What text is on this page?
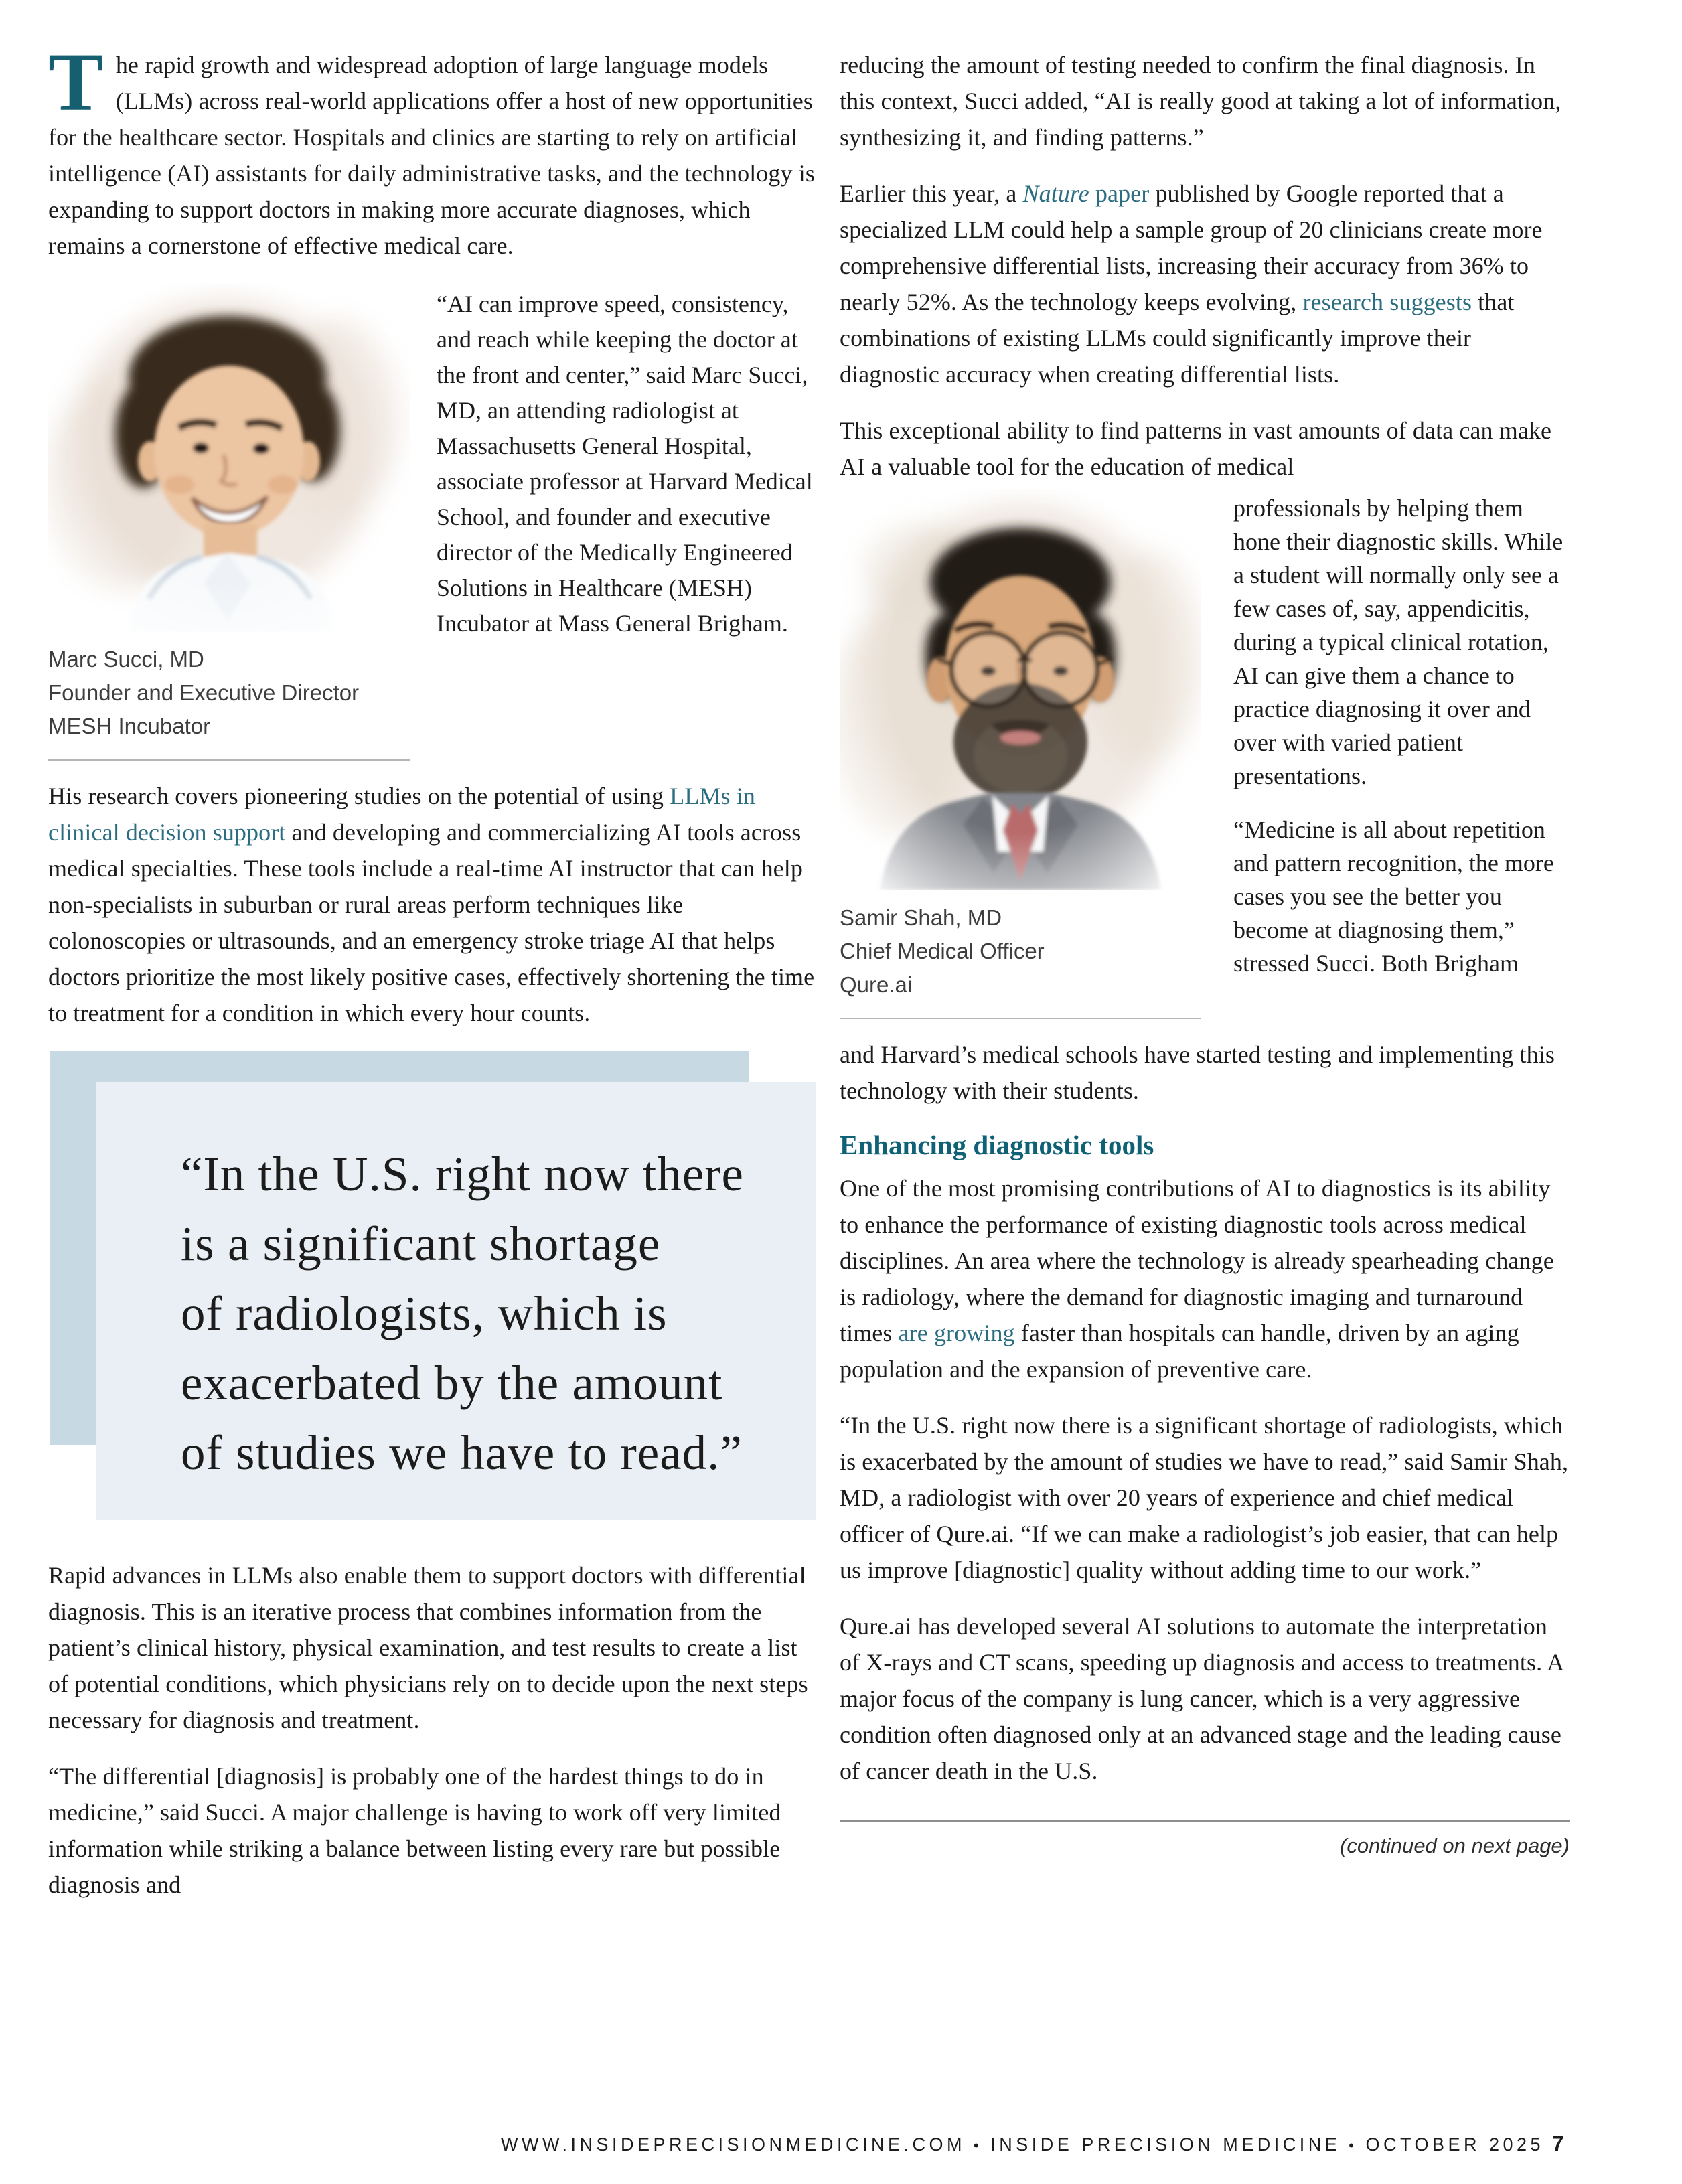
The rapid growth and widespread adoption of large language models (LLMs) across real-world applications offer a host of new opportunities for the healthcare sector. Hospitals and clinics are starting to rely on artificial intelligence (AI) assistants for daily administrative tasks, and the technology is expanding to support doctors in making more accurate diagnoses, which remains a cornerstone of effective medical care.

Marc Succi, MD
Founder and Executive Director
MESH Incubator
“AI can improve speed, consistency, and reach while keeping the doctor at the front and center,” said Marc Succi, MD, an attending radiologist at Massachusetts General Hospital, associate professor at Harvard Medical School, and founder and executive director of the Medically Engineered Solutions in Healthcare (MESH) Incubator at Mass General Brigham.

His research covers pioneering studies on the potential of using LLMs in clinical decision support and developing and commercializing AI tools across medical specialties. These tools include a real-time AI instructor that can help non-specialists in suburban or rural areas perform techniques like colonoscopies or ultrasounds, and an emergency stroke triage AI that helps doctors prioritize the most likely positive cases, effectively shortening the time to treatment for a condition in which every hour counts.

“In the U.S. right now there
is a significant shortage
of radiologists, which is
exacerbated by the amount
of studies we have to read.”

Rapid advances in LLMs also enable them to support doctors with differential diagnosis. This is an iterative process that combines information from the patient’s clinical history, physical examination, and test results to create a list of potential conditions, which physicians rely on to decide upon the next steps necessary for diagnosis and treatment.

“The differential [diagnosis] is probably one of the hardest things to do in medicine,” said Succi. A major challenge is having to work off very limited information while striking a balance between listing every rare but possible diagnosis and

reducing the amount of testing needed to confirm the final diagnosis. In this context, Succi added, “AI is really good at taking a lot of information, synthesizing it, and finding patterns.”

Earlier this year, a Nature paper published by Google reported that a specialized LLM could help a sample group of 20 clinicians create more comprehensive differential lists, increasing their accuracy from 36% to nearly 52%. As the technology keeps evolving, research suggests that combinations of existing LLMs could significantly improve their diagnostic accuracy when creating differential lists.

This exceptional ability to find patterns in vast amounts of data can make AI a valuable tool for the education of medical

Samir Shah, MD
Chief Medical Officer
Qure.ai
professionals by helping them hone their diagnostic skills. While a student will normally only see a few cases of, say, appendicitis, during a typical clinical rotation, AI can give them a chance to practice diagnosing it over and over with varied patient presentations.
“Medicine is all about repetition and pattern recognition, the more cases you see the better you become at diagnosing them,” stressed Succi. Both Brigham

and Harvard’s medical schools have started testing and implementing this technology with their students.

Enhancing diagnostic tools

One of the most promising contributions of AI to diagnostics is its ability to enhance the performance of existing diagnostic tools across medical disciplines. An area where the technology is already spearheading change is radiology, where the demand for diagnostic imaging and turnaround times are growing faster than hospitals can handle, driven by an aging population and the expansion of preventive care.

“In the U.S. right now there is a significant shortage of radiologists, which is exacerbated by the amount of studies we have to read,” said Samir Shah, MD, a radiologist with over 20 years of experience and chief medical officer of Qure.ai. “If we can make a radiologist’s job easier, that can help us improve [diagnostic] quality without adding time to our work.”

Qure.ai has developed several AI solutions to automate the interpretation of X-rays and CT scans, speeding up diagnosis and access to treatments. A major focus of the company is lung cancer, which is a very aggressive condition often diagnosed only at an advanced stage and the leading cause of cancer death in the U.S.

(continued on next page)
WWW.INSIDEPRECISIONMEDICINE.COM • INSIDE PRECISION MEDICINE • OCTOBER 2025 7
